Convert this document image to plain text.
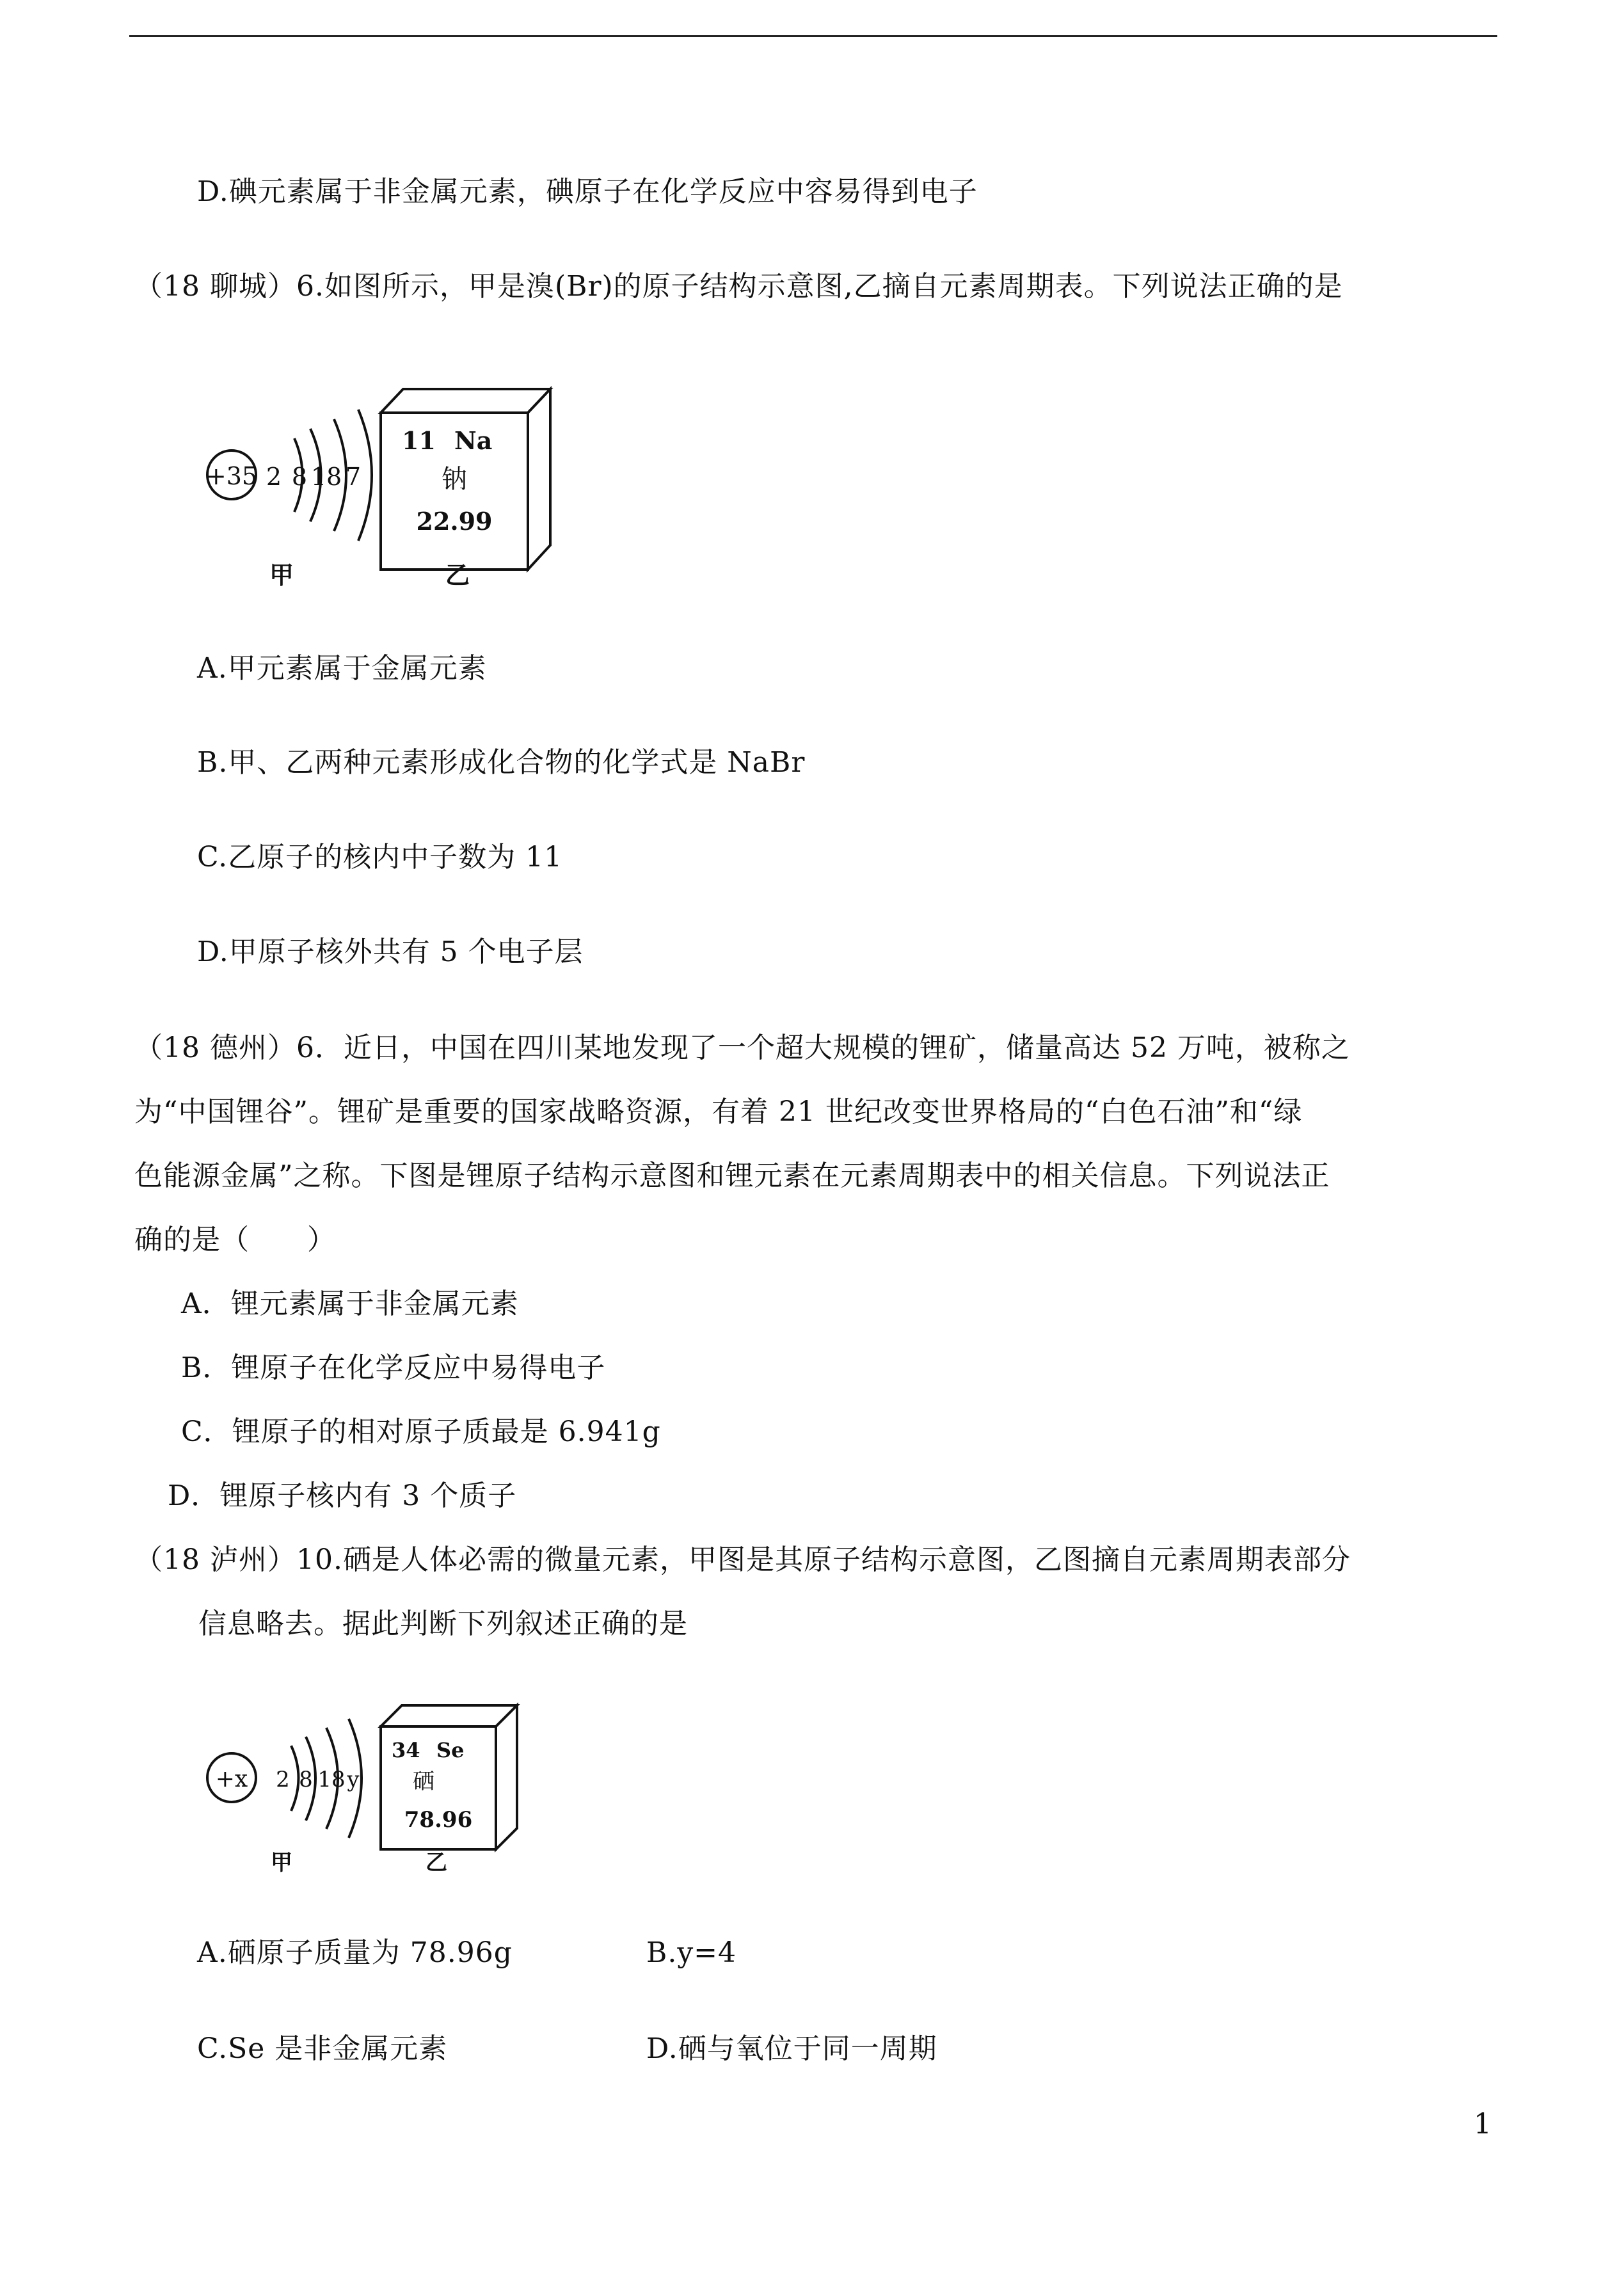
D.碘元素属于非金属元素，碘原子在化学反应中容易得到电子
（18 聊城）6.如图所示，甲是溴(Br)的原子结构示意图,乙摘自元素周期表。下列说法正确的是
+35 2 8 18 7
11 Na
钠
22.99
甲	乙
A.甲元素属于金属元素
B.甲、乙两种元素形成化合物的化学式是 NaBr
C.乙原子的核内中子数为 11
D.甲原子核外共有 5 个电子层
（18 德州）6．近日，中国在四川某地发现了一个超大规模的锂矿，储量高达 52 万吨，被称之
为“中国锂谷”。锂矿是重要的国家战略资源，有着 21 世纪改变世界格局的“白色石油”和“绿
色能源金属”之称。下图是锂原子结构示意图和锂元素在元素周期表中的相关信息。下列说法正
确的是（　　）
A．锂元素属于非金属元素
B．锂原子在化学反应中易得电子
C．锂原子的相对原子质最是 6.941g
D．锂原子核内有 3 个质子
（18 泸州）10.硒是人体必需的微量元素，甲图是其原子结构示意图，乙图摘自元素周期表部分
信息略去。据此判断下列叙述正确的是
+x 2 8 18 y
34 Se
硒
78.96
甲	乙
A.硒原子质量为 78.96g	B.y=4
C.Se 是非金属元素	D.硒与氧位于同一周期
1
